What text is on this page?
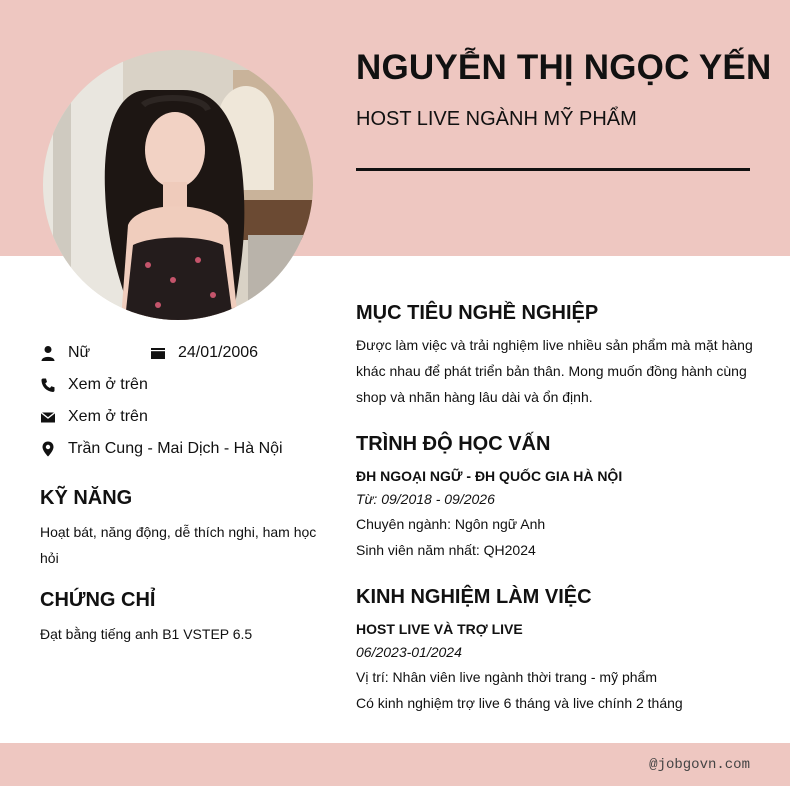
NGUYỄN THỊ NGỌC YẾN
HOST LIVE NGÀNH MỸ PHẨM
Nữ	24/01/2006
Xem ở trên
Xem ở trên
Trần Cung - Mai Dịch - Hà Nội
KỸ NĂNG
Hoạt bát, năng động, dễ thích nghi, ham học hỏi
CHỨNG CHỈ
Đạt bằng tiếng anh B1 VSTEP 6.5
MỤC TIÊU NGHỀ NGHIỆP
Được làm việc và trải nghiệm live nhiều sản phẩm mà mặt hàng khác nhau để phát triển bản thân. Mong muốn đồng hành cùng shop và nhãn hàng lâu dài và ổn định.
TRÌNH ĐỘ HỌC VẤN
ĐH NGOẠI NGỮ - ĐH QUỐC GIA HÀ NỘI
Từ: 09/2018 - 09/2026
Chuyên ngành: Ngôn ngữ Anh
Sinh viên năm nhất: QH2024
KINH NGHIỆM LÀM VIỆC
HOST LIVE VÀ TRỢ LIVE
06/2023-01/2024
Vị trí: Nhân viên live ngành thời trang - mỹ phẩm
Có kinh nghiệm trợ live 6 tháng và live chính 2 tháng
@jobgovn.com
